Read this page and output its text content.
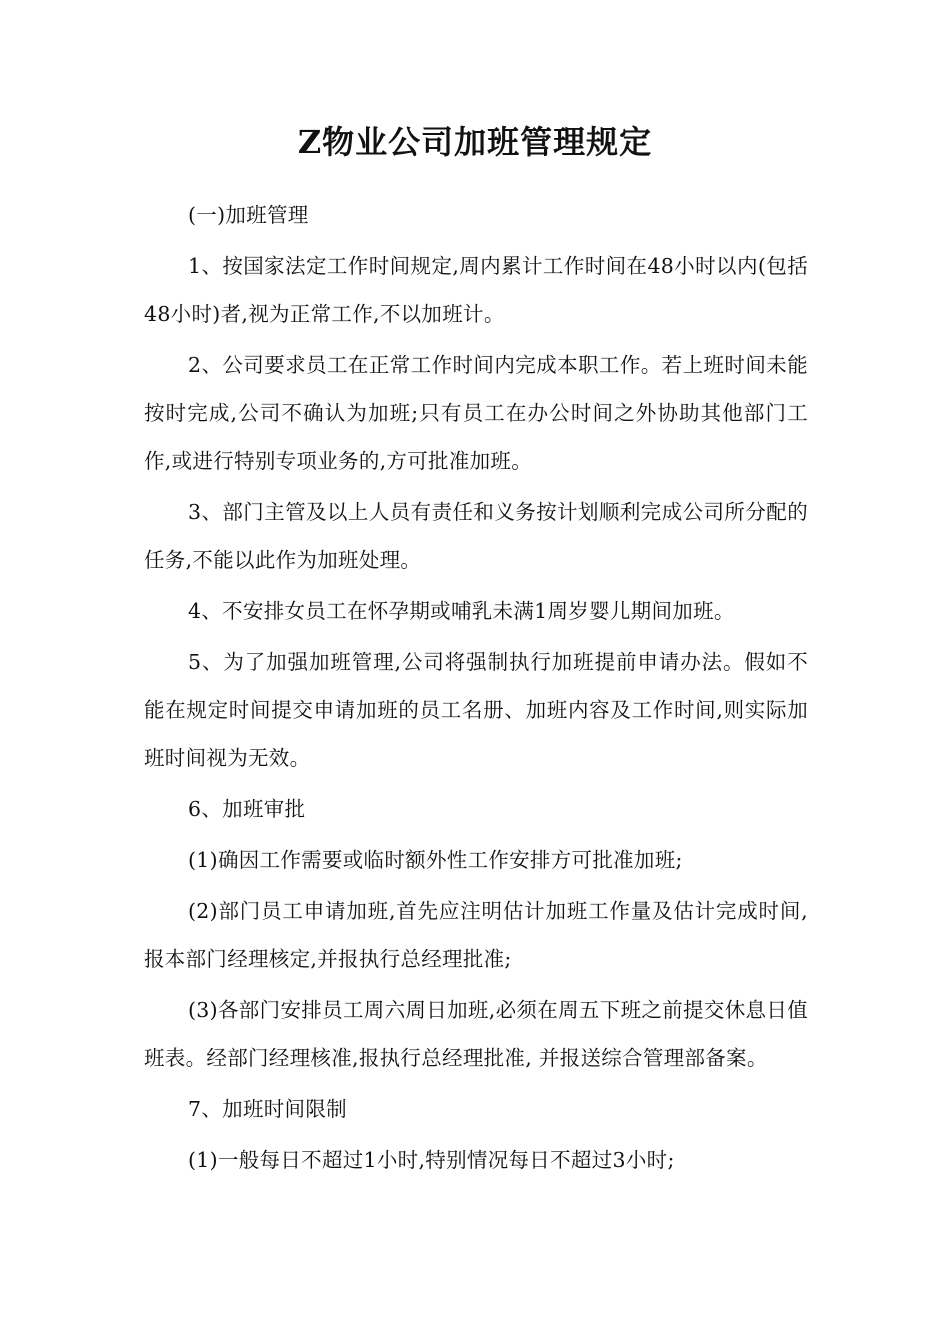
Z物业公司加班管理规定

(一)加班管理

1、按国家法定工作时间规定,周内累计工作时间在48小时以内(包括48小时)者,视为正常工作,不以加班计。

2、公司要求员工在正常工作时间内完成本职工作。若上班时间未能按时完成,公司不确认为加班;只有员工在办公时间之外协助其他部门工作,或进行特别专项业务的,方可批准加班。

3、部门主管及以上人员有责任和义务按计划顺利完成公司所分配的任务,不能以此作为加班处理。

4、不安排女员工在怀孕期或哺乳未满1周岁婴儿期间加班。

5、为了加强加班管理,公司将强制执行加班提前申请办法。假如不能在规定时间提交申请加班的员工名册、加班内容及工作时间,则实际加班时间视为无效。

6、加班审批

(1)确因工作需要或临时额外性工作安排方可批准加班;

(2)部门员工申请加班,首先应注明估计加班工作量及估计完成时间,报本部门经理核定,并报执行总经理批准;

(3)各部门安排员工周六周日加班,必须在周五下班之前提交休息日值班表。经部门经理核准,报执行总经理批准, 并报送综合管理部备案。

7、加班时间限制

(1)一般每日不超过1小时,特别情况每日不超过3小时;
